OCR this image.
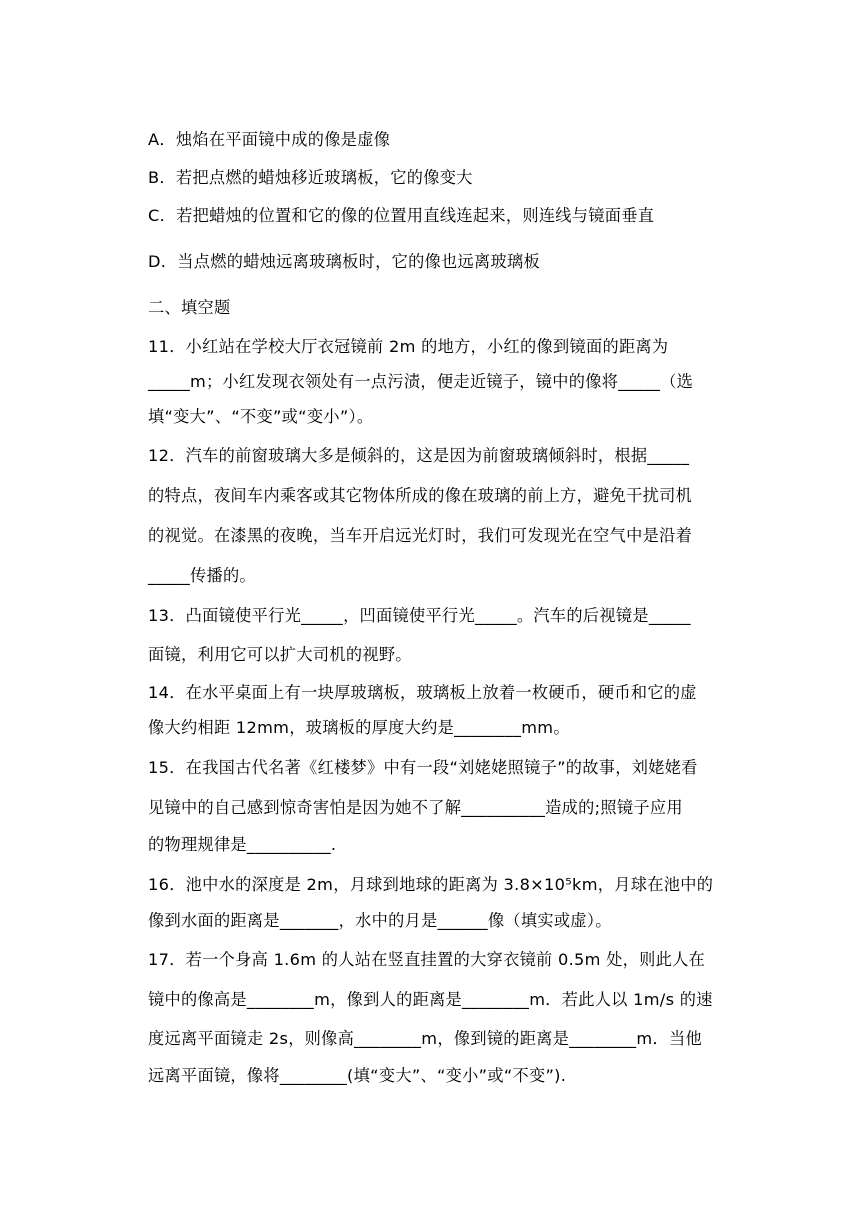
A．烛焰在平面镜中成的像是虚像
B．若把点燃的蜡烛移近玻璃板，它的像变大
C．若把蜡烛的位置和它的像的位置用直线连起来，则连线与镜面垂直
D．当点燃的蜡烛远离玻璃板时，它的像也远离玻璃板
二、填空题
11．小红站在学校大厅衣冠镜前 2m 的地方，小红的像到镜面的距离为
_____m；小红发现衣领处有一点污渍，便走近镜子，镜中的像将_____（选
填“变大”、“不变”或“变小”）。
12．汽车的前窗玻璃大多是倾斜的，这是因为前窗玻璃倾斜时，根据_____
的特点，夜间车内乘客或其它物体所成的像在玻璃的前上方，避免干扰司机
的视觉。在漆黑的夜晚，当车开启远光灯时，我们可发现光在空气中是沿着
_____传播的。
13．凸面镜使平行光_____，凹面镜使平行光_____。汽车的后视镜是_____
面镜，利用它可以扩大司机的视野。
14．在水平桌面上有一块厚玻璃板，玻璃板上放着一枚硬币，硬币和它的虚
像大约相距 12mm，玻璃板的厚度大约是________mm。
15．在我国古代名著《红楼梦》中有一段“刘姥姥照镜子”的故事，刘姥姥看
见镜中的自己感到惊奇害怕是因为她不了解__________造成的;照镜子应用
的物理规律是__________.
16．池中水的深度是 2m，月球到地球的距离为 3.8×10⁵km，月球在池中的
像到水面的距离是_______，水中的月是______像（填实或虚）。
17．若一个身高 1.6m 的人站在竖直挂置的大穿衣镜前 0.5m 处，则此人在
镜中的像高是________m，像到人的距离是________m．若此人以 1m/s 的速
度远离平面镜走 2s，则像高________m，像到镜的距离是________m．当他
远离平面镜，像将________(填“变大”、“变小”或“不变”).
